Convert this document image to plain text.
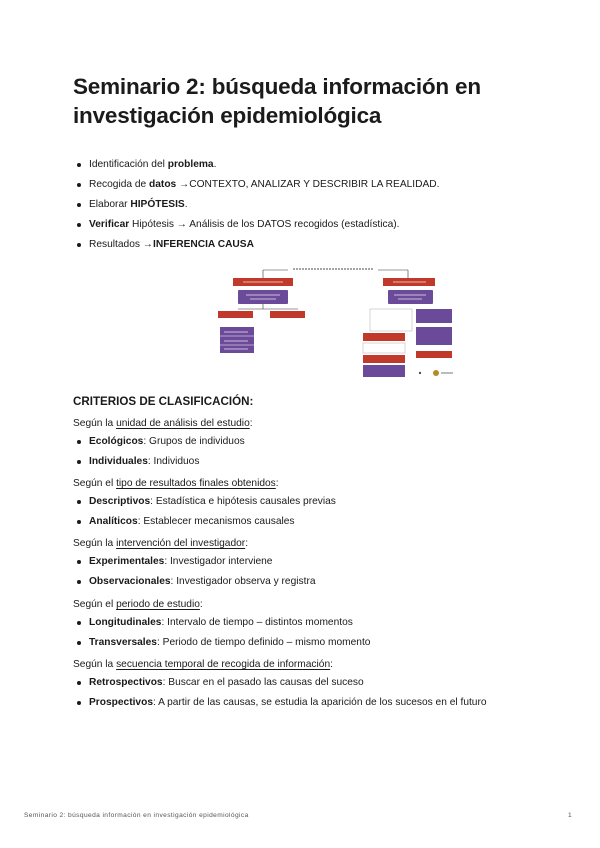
Seminario 2: búsqueda información en investigación epidemiológica
Identificación del problema.
Recogida de datos →CONTEXTO, ANALIZAR Y DESCRIBIR LA REALIDAD.
Elaborar HIPÓTESIS.
Verificar Hipótesis → Análisis de los DATOS recogidos (estadística).
Resultados →INFERENCIA CAUSA
CRITERIOS DE CLASIFICACIÓN:
Según la unidad de análisis del estudio:
Ecológicos: Grupos de individuos
Individuales: Individuos
Según el tipo de resultados finales obtenidos:
Descriptivos: Estadística e hipótesis causales previas
Analíticos: Establecer mecanismos causales
Según la intervención del investigador:
Experimentales: Investigador interviene
Observacionales: Investigador observa y registra
Según el periodo de estudio:
Longitudinales: Intervalo de tiempo – distintos momentos
Transversales: Periodo de tiempo definido – mismo momento
Según la secuencia temporal de recogida de información:
Retrospectivos: Buscar en el pasado las causas del suceso
Prospectivos: A partir de las causas, se estudia la aparición de los sucesos en el futuro
Seminario 2: búsqueda información en investigación epidemiológica	1
